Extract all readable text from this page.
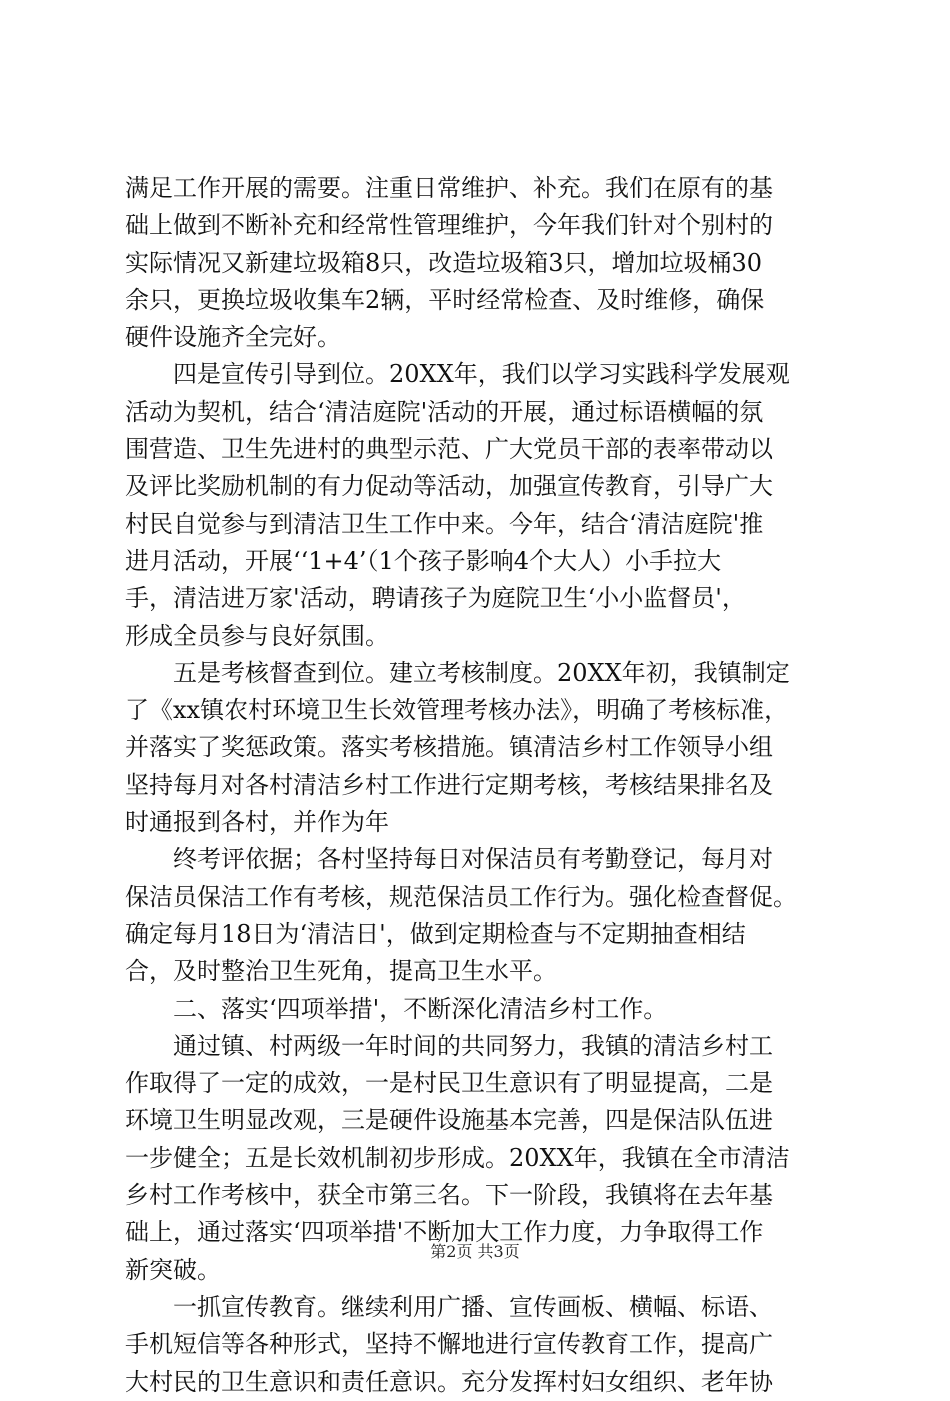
满足工作开展的需要。注重日常维护、补充。我们在原有的基
础上做到不断补充和经常性管理维护，今年我们针对个别村的
实际情况又新建垃圾箱8只，改造垃圾箱3只，增加垃圾桶30
余只，更换垃圾收集车2辆，平时经常检查、及时维修，确保
硬件设施齐全完好。
　　四是宣传引导到位。20XX年，我们以学习实践科学发展观
活动为契机，结合‘清洁庭院'活动的开展，通过标语横幅的氛
围营造、卫生先进村的典型示范、广大党员干部的表率带动以
及评比奖励机制的有力促动等活动，加强宣传教育，引导广大
村民自觉参与到清洁卫生工作中来。今年，结合‘清洁庭院'推
进月活动，开展‘‘1+4’（1个孩子影响4个大人）小手拉大
手，清洁进万家'活动，聘请孩子为庭院卫生‘小小监督员'，
形成全员参与良好氛围。
　　五是考核督查到位。建立考核制度。20XX年初，我镇制定
了《xx镇农村环境卫生长效管理考核办法》，明确了考核标准，
并落实了奖惩政策。落实考核措施。镇清洁乡村工作领导小组
坚持每月对各村清洁乡村工作进行定期考核，考核结果排名及
时通报到各村，并作为年
　　终考评依据；各村坚持每日对保洁员有考勤登记，每月对
保洁员保洁工作有考核，规范保洁员工作行为。强化检查督促。
确定每月18日为‘清洁日'，做到定期检查与不定期抽查相结
合，及时整治卫生死角，提高卫生水平。
　　二、落实‘四项举措'，不断深化清洁乡村工作。
　　通过镇、村两级一年时间的共同努力，我镇的清洁乡村工
作取得了一定的成效，一是村民卫生意识有了明显提高，二是
环境卫生明显改观，三是硬件设施基本完善，四是保洁队伍进
一步健全；五是长效机制初步形成。20XX年，我镇在全市清洁
乡村工作考核中，获全市第三名。下一阶段，我镇将在去年基
础上，通过落实‘四项举措'不断加大工作力度，力争取得工作
新突破。
　　一抓宣传教育。继续利用广播、宣传画板、横幅、标语、
手机短信等各种形式，坚持不懈地进行宣传教育工作，提高广
大村民的卫生意识和责任意识。充分发挥村妇女组织、老年协
第2页 共3页
